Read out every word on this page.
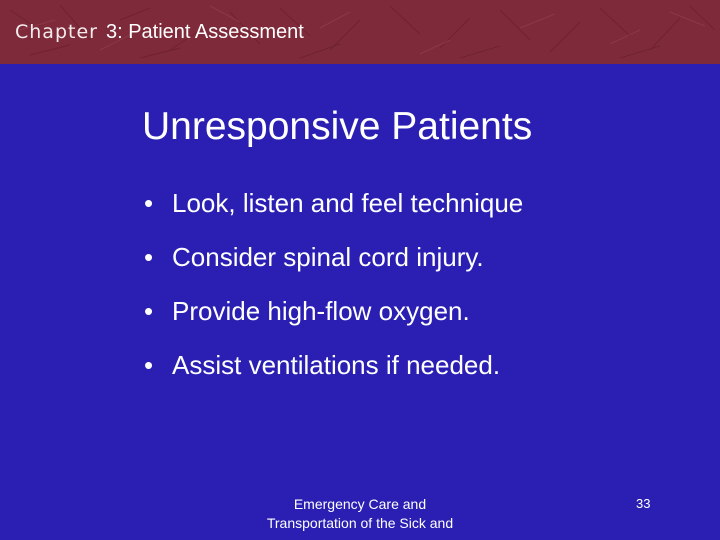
Chapter 3: Patient Assessment
Unresponsive Patients
• Look, listen and feel technique
• Consider spinal cord injury.
• Provide high-flow oxygen.
• Assist ventilations if needed.
Emergency Care and
Transportation of the Sick and
33
